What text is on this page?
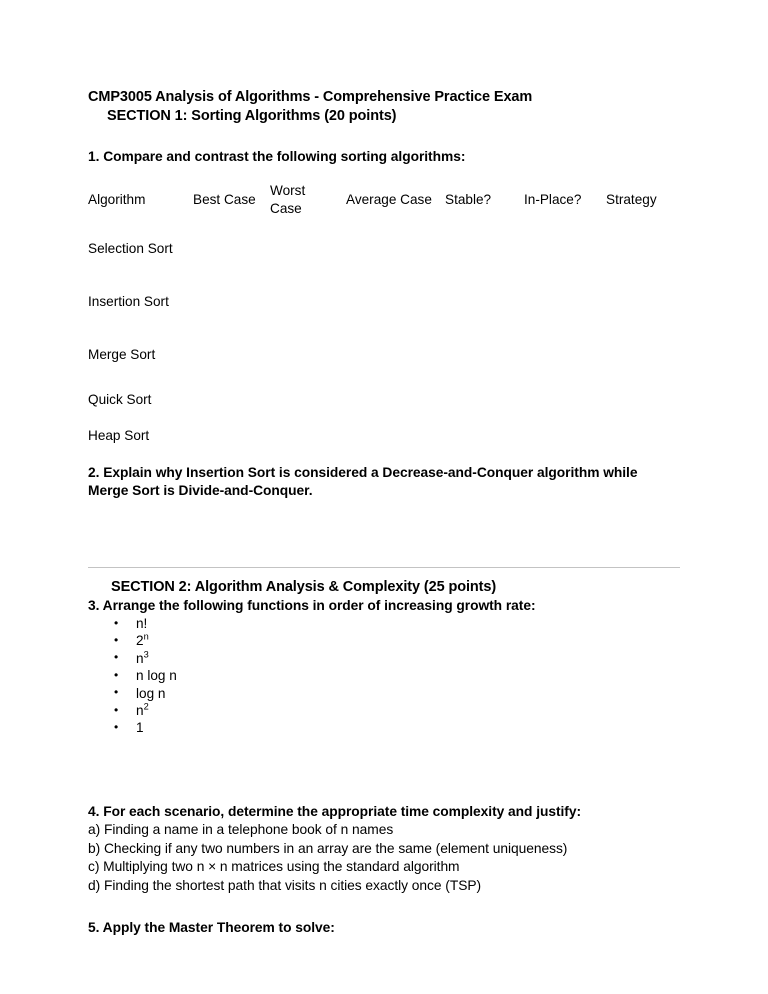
CMP3005 Analysis of Algorithms - Comprehensive Practice Exam
SECTION 1: Sorting Algorithms (20 points)

1. Compare and contrast the following sorting algorithms:

Algorithm	Best Case	Worst Case	Average Case	Stable?	In-Place?	Strategy

Selection Sort						
Insertion Sort						
Merge Sort						
Quick Sort						
Heap Sort						

2. Explain why Insertion Sort is considered a Decrease-and-Conquer algorithm while Merge Sort is Divide-and-Conquer.

SECTION 2: Algorithm Analysis & Complexity (25 points)

3. Arrange the following functions in order of increasing growth rate:

• n!
• 2$^n$
• $n^3$
• n log n
• log n
• $n^2$
• 1

4. For each scenario, determine the appropriate time complexity and justify:

a) Finding a name in a telephone book of n names

b) Checking if any two numbers in an array are the same (element uniqueness)

c) Multiplying two n × n matrices using the standard algorithm

d) Finding the shortest path that visits n cities exactly once (TSP)

5. Apply the Master Theorem to solve:
